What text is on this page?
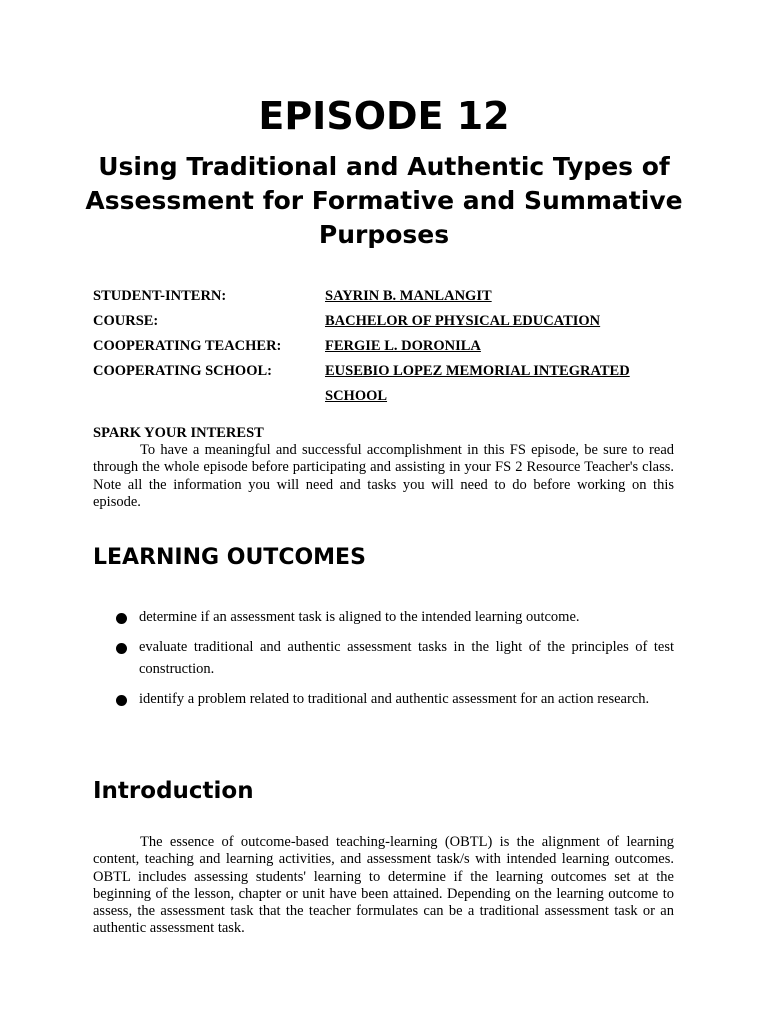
EPISODE 12
Using Traditional and Authentic Types of Assessment for Formative and Summative Purposes
STUDENT-INTERN:	SAYRIN B. MANLANGIT
COURSE:	BACHELOR OF PHYSICAL EDUCATION
COOPERATING TEACHER:	FERGIE L. DORONILA
COOPERATING SCHOOL:	EUSEBIO LOPEZ MEMORIAL INTEGRATED
SCHOOL
SPARK YOUR INTEREST
To have a meaningful and successful accomplishment in this FS episode, be sure to read through the whole episode before participating and assisting in your FS 2 Resource Teacher's class. Note all the information you will need and tasks you will need to do before working on this episode.
LEARNING OUTCOMES
determine if an assessment task is aligned to the intended learning outcome.
evaluate traditional and authentic assessment tasks in the light of the principles of test construction.
identify a problem related to traditional and authentic assessment for an action research.
Introduction
The essence of outcome-based teaching-learning (OBTL) is the alignment of learning content, teaching and learning activities, and assessment task/s with intended learning outcomes. OBTL includes assessing students' learning to determine if the learning outcomes set at the beginning of the lesson, chapter or unit have been attained. Depending on the learning outcome to assess, the assessment task that the teacher formulates can be a traditional assessment task or an authentic assessment task.
